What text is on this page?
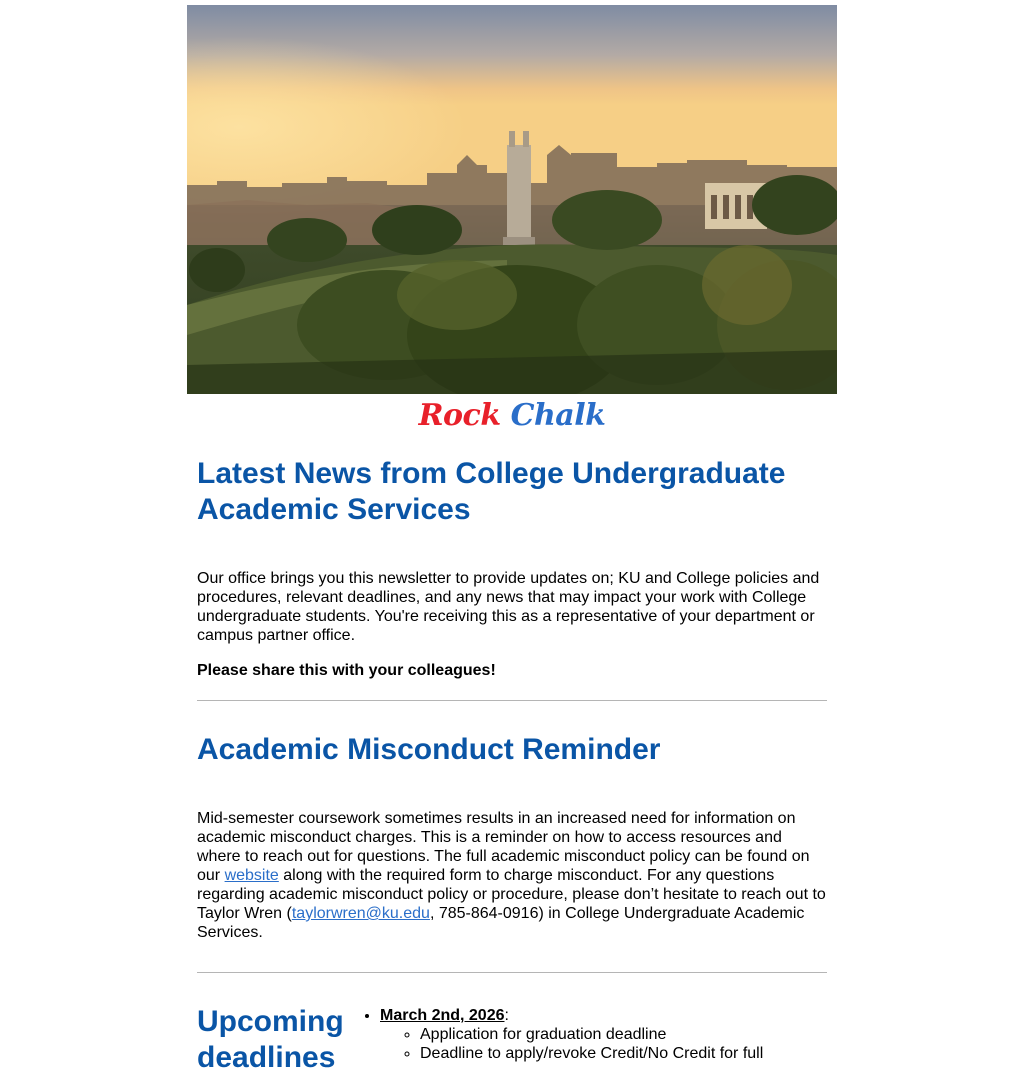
Rock Chalk
Latest News from College Undergraduate Academic Services

Our office brings you this newsletter to provide updates on; KU and College policies and procedures, relevant deadlines, and any news that may impact your work with College undergraduate students. You're receiving this as a representative of your department or campus partner office.

Please share this with your colleagues!

Academic Misconduct Reminder

Mid-semester coursework sometimes results in an increased need for information on academic misconduct charges. This is a reminder on how to access resources and where to reach out for questions. The full academic misconduct policy can be found on our website along with the required form to charge misconduct. For any questions regarding academic misconduct policy or procedure, please don’t hesitate to reach out to Taylor Wren (taylorwren@ku.edu, 785-864-0916) in College Undergraduate Academic Services.

Upcoming deadlines
• March 2nd, 2026:
◦ Application for graduation deadline
◦ Deadline to apply/revoke Credit/No Credit for full
